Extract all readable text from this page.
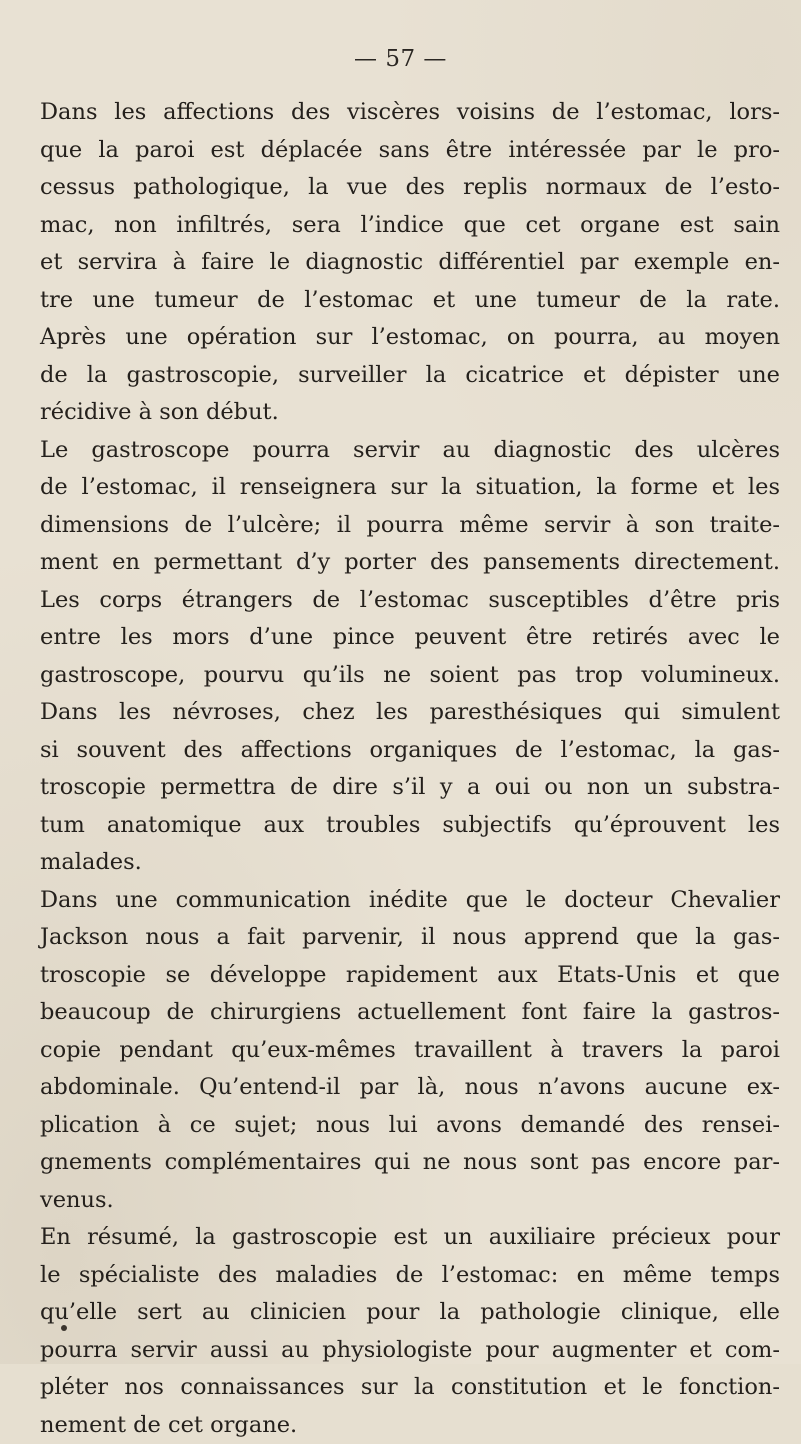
— 57 —
Dans les affections des viscères voisins de l’estomac, lors-
que la paroi est déplacée sans être intéressée par le pro-
cessus pathologique, la vue des replis normaux de l’esto-
mac, non infiltrés, sera l’indice que cet organe est sain
et servira à faire le diagnostic différentiel par exemple en-
tre une tumeur de l’estomac et une tumeur de la rate.
Après une opération sur l’estomac, on pourra, au moyen
de la gastroscopie, surveiller la cicatrice et dépister une
récidive à son début.
Le gastroscope pourra servir au diagnostic des ulcères
de l’estomac, il renseignera sur la situation, la forme et les
dimensions de l’ulcère; il pourra même servir à son traite-
ment en permettant d’y porter des pansements directement.
Les corps étrangers de l’estomac susceptibles d’être pris
entre les mors d’une pince peuvent être retirés avec le
gastroscope, pourvu qu’ils ne soient pas trop volumineux.
Dans les névroses, chez les paresthésiques qui simulent
si souvent des affections organiques de l’estomac, la gas-
troscopie permettra de dire s’il y a oui ou non un substra-
tum anatomique aux troubles subjectifs qu’éprouvent les
malades.
Dans une communication inédite que le docteur Chevalier
Jackson nous a fait parvenir, il nous apprend que la gas-
troscopie se développe rapidement aux Etats-Unis et que
beaucoup de chirurgiens actuellement font faire la gastros-
copie pendant qu’eux-mêmes travaillent à travers la paroi
abdominale. Qu’entend-il par là, nous n’avons aucune ex-
plication à ce sujet; nous lui avons demandé des rensei-
gnements complémentaires qui ne nous sont pas encore par-
venus.
En résumé, la gastroscopie est un auxiliaire précieux pour
le spécialiste des maladies de l’estomac: en même temps
qu’elle sert au clinicien pour la pathologie clinique, elle
pourra servir aussi au physiologiste pour augmenter et com-
pléter nos connaissances sur la constitution et le fonction-
nement de cet organe.
